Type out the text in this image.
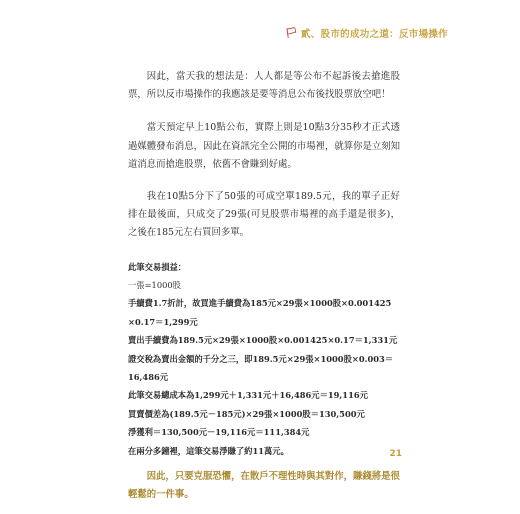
🏳 貳、股市的成功之道：反市場操作

因此，當天我的想法是：人人都是等公布不起訴後去搶進股票，所以反市場操作的我應該是要等消息公布後找股票放空吧！

當天預定早上10點公布，實際上則是10點3分35秒才正式透過媒體發布消息，因此在資訊完全公開的市場裡，就算你是立刻知道消息而搶進股票，依舊不會賺到好處。

我在10點5分下了50張的可成空單189.5元，我的單子正好排在最後面，只成交了29張(可見股票市場裡的高手還是很多)，之後在185元左右買回多單。

此筆交易損益：
一張=1000股
手續費1.7折計，故買進手續費為185元×29張×1000股×0.001425
×0.17＝1,299元
賣出手續費為189.5元×29張×1000股×0.001425×0.17＝1,331元
證交稅為賣出金額的千分之三，即189.5元×29張×1000股×0.003＝
16,486元
此筆交易總成本為1,299元＋1,331元＋16,486元＝19,116元
買賣價差為(189.5元－185元)×29張×1000股＝130,500元
淨獲利＝130,500元－19,116元＝111,384元
在兩分多鐘裡，這筆交易淨賺了約11萬元。

因此，只要克服恐懼，在散戶不理性時與其對作，賺錢將是很輕鬆的一件事。

21
